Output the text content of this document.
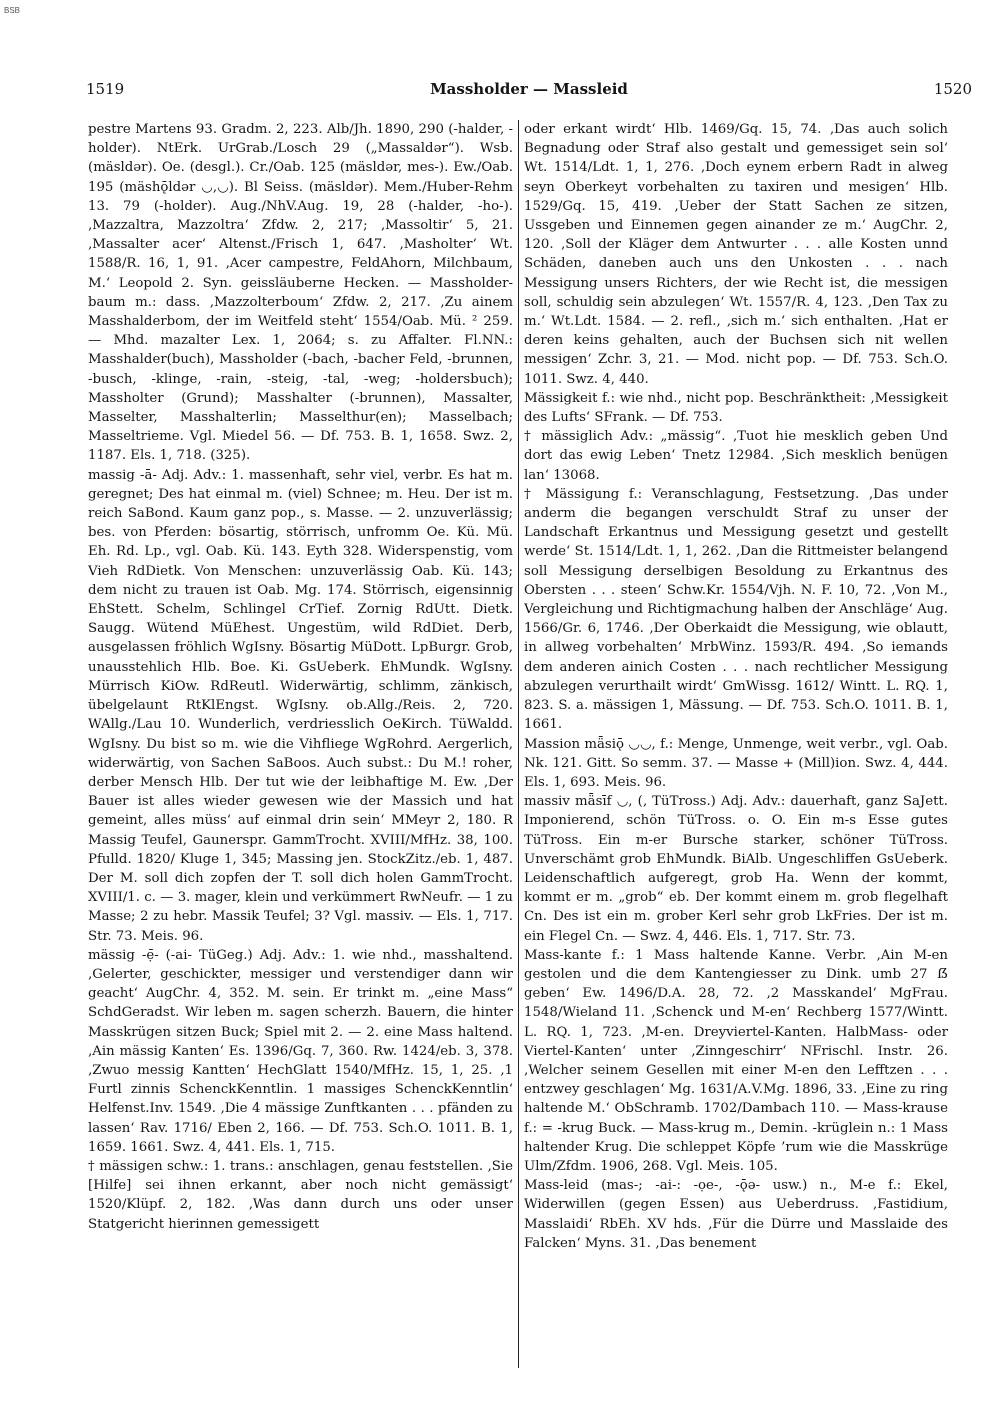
BSB
1519	Massholder — Massleid	1520

pestre Martens 93. Gradm. 2, 223. Alb/Jh. 1890, 290 (-halder, -holder). NtErk. UrGrab./Losch 29 („Massaldər“). Wsb. (mäsldər). Oe. (desgl.). Cr./Oab. 125 (mäsldər, mes-). Ew./Oab. 195 (mäshǭldər ◡,◡). Bl Seiss. (mäsldər). Mem./Huber-Rehm 13. 79 (-holder). Aug./NhV.Aug. 19, 28 (-halder, -ho-). ‚Mazzaltra, Mazzoltra‘ Zfdw. 2, 217; ‚Massoltir‘ 5, 21. ‚Massalter acer‘ Altenst./Frisch 1, 647. ‚Masholter‘ Wt. 1588/R. 16, 1, 91. ‚Acer campestre, FeldAhorn, Milchbaum, M.‘ Leopold 2. Syn. geissläuberne Hecken. — Massholder-baum m.: dass. ‚Mazzolterboum‘ Zfdw. 2, 217. ‚Zu ainem Masshalderbom, der im Weitfeld steht‘ 1554/Oab. Mü. ² 259. — Mhd. mazalter Lex. 1, 2064; s. zu Affalter. Fl.NN.: Masshalder(buch), Massholder (-bach, -bacher Feld, -brunnen, -busch, -klinge, -rain, -steig, -tal, -weg; -holdersbuch); Massholter (Grund); Masshalter (-brunnen), Massalter, Masselter, Masshalterlin; Masselthur(en); Masselbach; Masseltrieme. Vgl. Miedel 56. — Df. 753. B. 1, 1658. Swz. 2, 1187. Els. 1, 718. (325).

massig -ā- Adj. Adv.: 1. massenhaft, sehr viel, verbr. Es hat m. geregnet; Des hat einmal m. (viel) Schnee; m. Heu. Der ist m. reich SaBond. Kaum ganz pop., s. Masse. — 2. unzuverlässig; bes. von Pferden: bösartig, störrisch, unfromm Oe. Kü. Mü. Eh. Rd. Lp., vgl. Oab. Kü. 143. Eyth 328. Widerspenstig, vom Vieh RdDietk. Von Menschen: unzuverlässig Oab. Kü. 143; dem nicht zu trauen ist Oab. Mg. 174. Störrisch, eigensinnig EhStett. Schelm, Schlingel CrTief. Zornig RdUtt. Dietk. Saugg. Wütend MüEhest. Ungestüm, wild RdDiet. Derb, ausgelassen fröhlich WgIsny. Bösartig MüDott. LpBurgr. Grob, unausstehlich Hlb. Boe. Ki. GsUeberk. EhMundk. WgIsny. Mürrisch KiOw. RdReutl. Widerwärtig, schlimm, zänkisch, übelgelaunt RtKlEngst. WgIsny. ob.Allg./Reis. 2, 720. WAllg./Lau 10. Wunderlich, verdriesslich OeKirch. TüWaldd. WgIsny. Du bist so m. wie die Vihfliege WgRohrd. Aergerlich, widerwärtig, von Sachen SaBoos. Auch subst.: Du M.! roher, derber Mensch Hlb. Der tut wie der leibhaftige M. Ew. ‚Der Bauer ist alles wieder gewesen wie der Massich und hat gemeint, alles müss‘ auf einmal drin sein‘ MMeyr 2, 180. R Massig Teufel, Gaunerspr. GammTrocht. XVIII/MfHz. 38, 100. Pfulld. 1820/ Kluge 1, 345; Massing jen. StockZitz./eb. 1, 487. Der M. soll dich zopfen der T. soll dich holen GammTrocht. XVIII/1. c. — 3. mager, klein und verkümmert RwNeufr. — 1 zu Masse; 2 zu hebr. Massik Teufel; 3? Vgl. massiv. — Els. 1, 717. Str. 73. Meis. 96.

mässig -ẹ̄- (-ai- TüGeg.) Adj. Adv.: 1. wie nhd., masshaltend. ‚Gelerter, geschickter, messiger und verstendiger dann wir geacht‘ AugChr. 4, 352. M. sein. Er trinkt m. „eine Mass“ SchdGeradst. Wir leben m. sagen scherzh. Bauern, die hinter Masskrügen sitzen Buck; Spiel mit 2. — 2. eine Mass haltend. ‚Ain mässig Kanten‘ Es. 1396/Gq. 7, 360. Rw. 1424/eb. 3, 378. ‚Zwuo messig Kantten‘ HechGlatt 1540/MfHz. 15, 1, 25. ‚1 Furtl zinnis SchenckKenntlin. 1 massiges SchenckKenntlin‘ Helfenst.Inv. 1549. ‚Die 4 mässige Zunftkanten . . . pfänden zu lassen‘ Rav. 1716/ Eben 2, 166. — Df. 753. Sch.O. 1011. B. 1, 1659. 1661. Swz. 4, 441. Els. 1, 715.

† mässigen schw.: 1. trans.: anschlagen, genau feststellen. ‚Sie [Hilfe] sei ihnen erkannt, aber noch nicht gemässigt‘ 1520/Klüpf. 2, 182. ‚Was dann durch uns oder unser Statgericht hierinnen gemessigett

oder erkant wirdt‘ Hlb. 1469/Gq. 15, 74. ‚Das auch solich Begnadung oder Straf also gestalt und gemessiget sein sol‘ Wt. 1514/Ldt. 1, 1, 276. ‚Doch eynem erbern Radt in alweg seyn Oberkeyt vorbehalten zu taxiren und mesigen‘ Hlb. 1529/Gq. 15, 419. ‚Ueber der Statt Sachen ze sitzen, Ussgeben und Einnemen gegen ainander ze m.‘ AugChr. 2, 120. ‚Soll der Kläger dem Antwurter . . . alle Kosten unnd Schäden, daneben auch uns den Unkosten . . . nach Messigung unsers Richters, der wie Recht ist, die messigen soll, schuldig sein abzulegen‘ Wt. 1557/R. 4, 123. ‚Den Tax zu m.‘ Wt.Ldt. 1584. — 2. refl., ‚sich m.‘ sich enthalten. ‚Hat er deren keins gehalten, auch der Buchsen sich nit wellen messigen‘ Zchr. 3, 21. — Mod. nicht pop. — Df. 753. Sch.O. 1011. Swz. 4, 440.

Mässigkeit f.: wie nhd., nicht pop. Beschränktheit: ‚Messigkeit des Lufts‘ SFrank. — Df. 753.

† mässiglich Adv.: „mässig“. ‚Tuot hie mesklich geben Und dort das ewig Leben‘ Tnetz 12984. ‚Sich mesklich benügen lan‘ 13068.

† Mässigung f.: Veranschlagung, Festsetzung. ‚Das under anderm die begangen verschuldt Straf zu unser der Landschaft Erkantnus und Messigung gesetzt und gestellt werde‘ St. 1514/Ldt. 1, 1, 262. ‚Dan die Rittmeister belangend soll Messigung derselbigen Besoldung zu Erkantnus des Obersten . . . steen‘ Schw.Kr. 1554/Vjh. N. F. 10, 72. ‚Von M., Vergleichung und Richtigmachung halben der Anschläge‘ Aug. 1566/Gr. 6, 1746. ‚Der Oberkaidt die Messigung, wie oblautt, in allweg vorbehalten‘ MrbWinz. 1593/R. 494. ‚So iemands dem anderen ainich Costen . . . nach rechtlicher Messigung abzulegen verurthailt wirdt‘ GmWissg. 1612/ Wintt. L. RQ. 1, 823. S. a. mässigen 1, Mässung. — Df. 753. Sch.O. 1011. B. 1, 1661.

Massion mǟsiǭ ◡◡, f.: Menge, Unmenge, weit verbr., vgl. Oab. Nk. 121. Gitt. So semm. 37. — Masse + (Mill)ion. Swz. 4, 444. Els. 1, 693. Meis. 96.

massiv mǟsīf ◡, (‚ TüTross.) Adj. Adv.: dauerhaft, ganz SaJett. Imponierend, schön TüTross. o. O. Ein m-s Esse gutes TüTross. Ein m-er Bursche starker, schöner TüTross. Unverschämt grob EhMundk. BiAlb. Ungeschliffen GsUeberk. Leidenschaftlich aufgeregt, grob Ha. Wenn der kommt, kommt er m. „grob“ eb. Der kommt einem m. grob flegelhaft Cn. Des ist ein m. grober Kerl sehr grob LkFries. Der ist m. ein Flegel Cn. — Swz. 4, 446. Els. 1, 717. Str. 73.

Mass-kante f.: 1 Mass haltende Kanne. Verbr. ‚Ain M-en gestolen und die dem Kantengiesser zu Dink. umb 27 ẞ geben‘ Ew. 1496/D.A. 28, 72. ‚2 Masskandel‘ MgFrau. 1548/Wieland 11. ‚Schenck und M-en‘ Rechberg 1577/Wintt. L. RQ. 1, 723. ‚M-en. Dreyviertel-Kanten. HalbMass- oder Viertel-Kanten‘ unter ‚Zinngeschirr‘ NFrischl. Instr. 26. ‚Welcher seinem Gesellen mit einer M-en den Lefftzen . . . entzwey geschlagen‘ Mg. 1631/A.V.Mg. 1896, 33. ‚Eine zu ring haltende M.‘ ObSchramb. 1702/Dambach 110. — Mass-krause f.: = -krug Buck. — Mass-krug m., Demin. -krüglein n.: 1 Mass haltender Krug. Die schleppet Köpfe ’rum wie die Masskrüge Ulm/Zfdm. 1906, 268. Vgl. Meis. 105.

Mass-leid (mas-; -ai-: -ọe-, -ǭə- usw.) n., M-e f.: Ekel, Widerwillen (gegen Essen) aus Ueberdruss. ‚Fastidium, Masslaidi‘ RbEh. XV hds. ‚Für die Dürre und Masslaide des Falcken‘ Myns. 31. ‚Das benement
